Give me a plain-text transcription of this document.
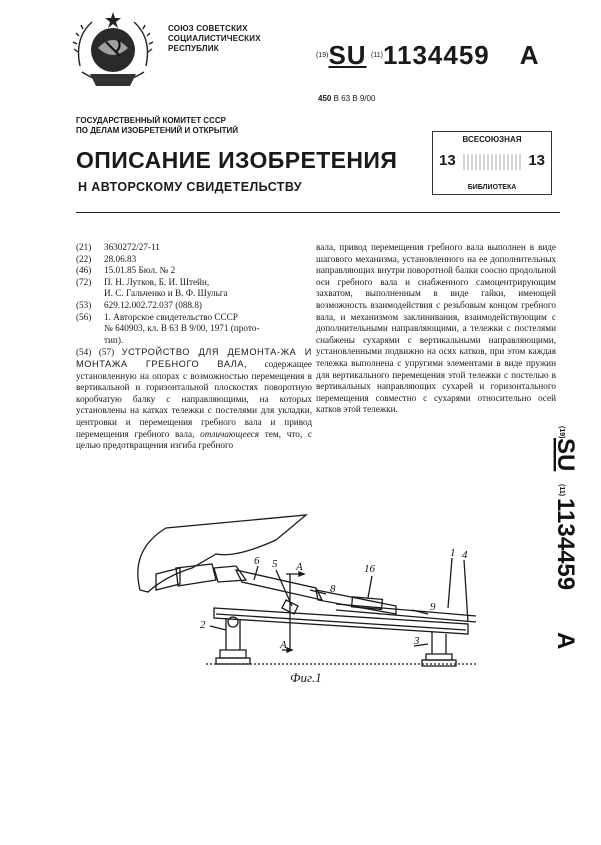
СОЮЗ СОВЕТСКИХ
СОЦИАЛИСТИЧЕСКИХ
РЕСПУБЛИК
(19)SU (11)1134459 A
450 В 63 В 9/00
ГОСУДАРСТВЕННЫЙ КОМИТЕТ СССР
ПО ДЕЛАМ ИЗОБРЕТЕНИЙ И ОТКРЫТИЙ
ОПИСАНИЕ ИЗОБРЕТЕНИЯ
Н АВТОРСКОМУ СВИДЕТЕЛЬСТВУ
ВСЕСОЮЗНАЯ
13	13
БИБЛИОТЕКА
(21)	3630272/27-11
(22)	28.06.83
(46)	15.01.85 Бюл. № 2
(72)	П. Н. Лутков, Б. И. Штейн,
И. С. Гальченко и В. Ф. Шульга
(53)	629.12.002.72.037 (088.8)
(56)	1. Авторское свидетельство СССР
№ 640903, кл. В 63 В 9/00, 1971 (прото-
тип).
(54) (57) УСТРОЙСТВО ДЛЯ ДЕМОНТА-ЖА И МОНТАЖА ГРЕБНОГО ВАЛА, содержащее установленную на опорах с возможностью перемещения в вертикальной и горизонтальной плоскостях поворотную коробчатую балку с направляющими, на которых установлены на катках тележки с постелями для укладки, центровки и перемещения гребного вала и привод перемещения гребного вала, отличающееся тем, что, с целью предотвращения изгиба гребного
вала, привод перемещения гребного вала выполнен в виде шагового механизма, установленного на ее дополнительных направляющих внутри поворотной балки соосно продольной оси гребного вала и снабженного самоцентрирующим захватом, выполненным в виде гайки, имеющей возможность взаимодействия с резьбовым концом гребного вала, и механизмом заклинивания, взаимодействующим с дополнительными направляющими, а тележки с постелями снабжены сухарями с вертикальными направляющими, установленными подвижно на осях катков, при этом каждая тележка выполнена с упругими элементами в виде пружин для вертикального перемещения этой тележки с постелью в вертикальных направляющих сухарей и горизонтального перемещения совместно с сухарями относительно осей катков этой тележки.
(19)
SU
(11)
1134459
A
6 5 А
8
16
1 4
9
2
А	3
Фиг.1
